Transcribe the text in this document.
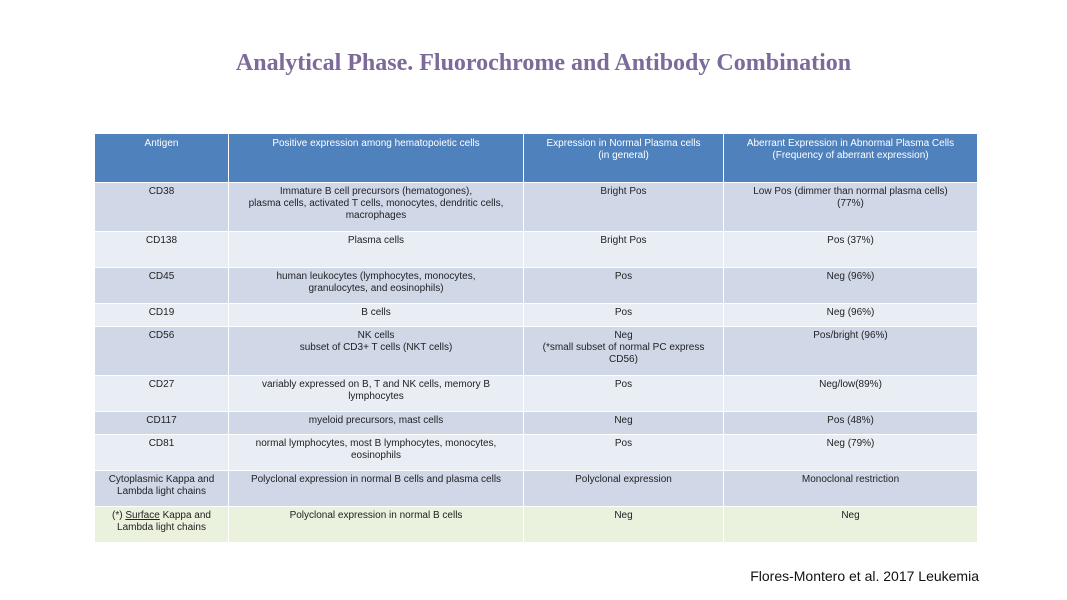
Analytical Phase. Fluorochrome and Antibody Combination
Antigen	Positive expression among hematopoietic cells	Expression in Normal Plasma cells
(in general)	Aberrant Expression in Abnormal Plasma Cells
(Frequency of aberrant expression)
CD38	Immature B cell precursors (hematogones),
plasma cells, activated T cells, monocytes, dendritic cells,
macrophages	Bright Pos	Low Pos (dimmer than normal plasma cells)
(77%)
CD138	Plasma cells	Bright Pos	Pos (37%)
CD45	human leukocytes (lymphocytes, monocytes,
granulocytes, and eosinophils)	Pos	Neg (96%)
CD19	B cells	Pos	Neg (96%)
CD56	NK cells
subset of CD3+ T cells (NKT cells)	Neg
(*small subset of normal PC express
CD56)	Pos/bright (96%)
CD27	variably expressed on B, T and NK cells, memory B
lymphocytes	Pos	Neg/low(89%)
CD117	myeloid precursors, mast cells	Neg	Pos (48%)
CD81	normal lymphocytes, most B lymphocytes, monocytes,
eosinophils	Pos	Neg (79%)
Cytoplasmic Kappa and
Lambda light chains	Polyclonal expression in normal B cells and plasma cells	Polyclonal expression	Monoclonal restriction
(*) Surface Kappa and
Lambda light chains	Polyclonal expression in normal B cells	Neg	Neg
Flores-Montero et al. 2017 Leukemia
